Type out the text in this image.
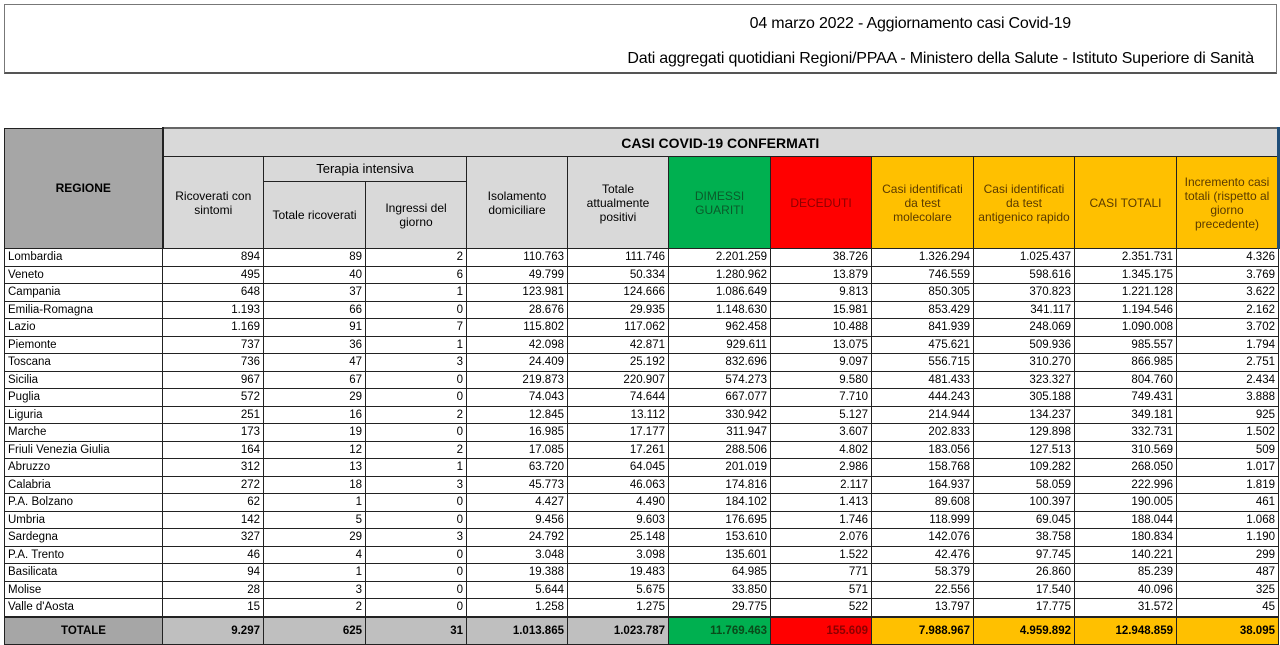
04 marzo 2022 - Aggiornamento casi Covid-19
Dati aggregati quotidiani Regioni/PPAA - Ministero della Salute - Istituto Superiore di Sanità
REGIONE	CASI COVID-19 CONFERMATI										
	Ricoverati con sintomi	Terapia intensiva		Isolamento domiciliare	Totale attualmente positivi	DIMESSI GUARITI	DECEDUTI	Casi identificati da test molecolare	Casi identificati da test antigenico rapido	CASI TOTALI	Incremento casi totali (rispetto al giorno precedente)
		Totale ricoverati	Ingressi del giorno								
Lombardia	894	89	2	110.763	111.746	2.201.259	38.726	1.326.294	1.025.437	2.351.731	4.326
Veneto	495	40	6	49.799	50.334	1.280.962	13.879	746.559	598.616	1.345.175	3.769
Campania	648	37	1	123.981	124.666	1.086.649	9.813	850.305	370.823	1.221.128	3.622
Emilia-Romagna	1.193	66	0	28.676	29.935	1.148.630	15.981	853.429	341.117	1.194.546	2.162
Lazio	1.169	91	7	115.802	117.062	962.458	10.488	841.939	248.069	1.090.008	3.702
Piemonte	737	36	1	42.098	42.871	929.611	13.075	475.621	509.936	985.557	1.794
Toscana	736	47	3	24.409	25.192	832.696	9.097	556.715	310.270	866.985	2.751
Sicilia	967	67	0	219.873	220.907	574.273	9.580	481.433	323.327	804.760	2.434
Puglia	572	29	0	74.043	74.644	667.077	7.710	444.243	305.188	749.431	3.888
Liguria	251	16	2	12.845	13.112	330.942	5.127	214.944	134.237	349.181	925
Marche	173	19	0	16.985	17.177	311.947	3.607	202.833	129.898	332.731	1.502
Friuli Venezia Giulia	164	12	2	17.085	17.261	288.506	4.802	183.056	127.513	310.569	509
Abruzzo	312	13	1	63.720	64.045	201.019	2.986	158.768	109.282	268.050	1.017
Calabria	272	18	3	45.773	46.063	174.816	2.117	164.937	58.059	222.996	1.819
P.A. Bolzano	62	1	0	4.427	4.490	184.102	1.413	89.608	100.397	190.005	461
Umbria	142	5	0	9.456	9.603	176.695	1.746	118.999	69.045	188.044	1.068
Sardegna	327	29	3	24.792	25.148	153.610	2.076	142.076	38.758	180.834	1.190
P.A. Trento	46	4	0	3.048	3.098	135.601	1.522	42.476	97.745	140.221	299
Basilicata	94	1	0	19.388	19.483	64.985	771	58.379	26.860	85.239	487
Molise	28	3	0	5.644	5.675	33.850	571	22.556	17.540	40.096	325
Valle d'Aosta	15	2	0	1.258	1.275	29.775	522	13.797	17.775	31.572	45
TOTALE	9.297	625	31	1.013.865	1.023.787	11.769.463	155.609	7.988.967	4.959.892	12.948.859	38.095
